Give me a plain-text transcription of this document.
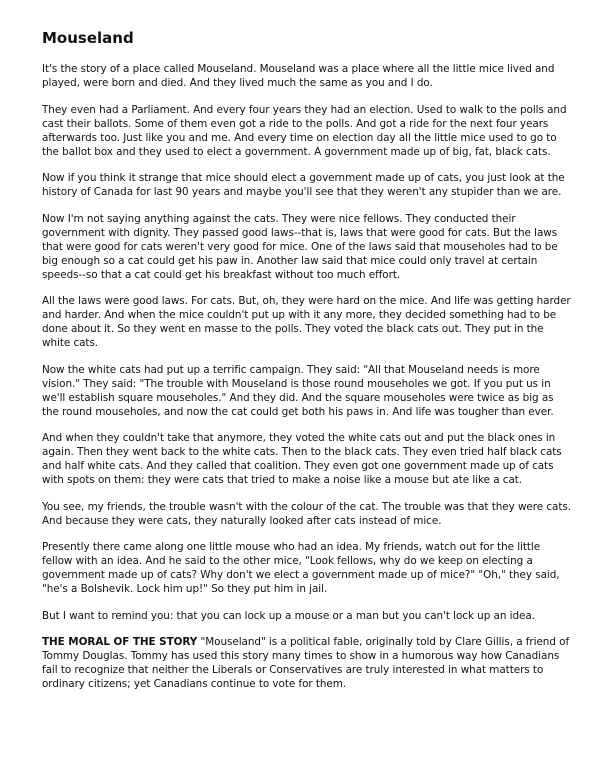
Mouseland

It's the story of a place called Mouseland. Mouseland was a place where all the little mice lived and played, were born and died. And they lived much the same as you and I do.

They even had a Parliament. And every four years they had an election. Used to walk to the polls and cast their ballots. Some of them even got a ride to the polls. And got a ride for the next four years afterwards too. Just like you and me. And every time on election day all the little mice used to go to the ballot box and they used to elect a government. A government made up of big, fat, black cats.

Now if you think it strange that mice should elect a government made up of cats, you just look at the history of Canada for last 90 years and maybe you'll see that they weren't any stupider than we are.

Now I'm not saying anything against the cats. They were nice fellows. They conducted their government with dignity. They passed good laws--that is, laws that were good for cats. But the laws that were good for cats weren't very good for mice. One of the laws said that mouseholes had to be big enough so a cat could get his paw in. Another law said that mice could only travel at certain speeds--so that a cat could get his breakfast without too much effort.

All the laws were good laws. For cats. But, oh, they were hard on the mice. And life was getting harder and harder. And when the mice couldn't put up with it any more, they decided something had to be done about it. So they went en masse to the polls. They voted the black cats out. They put in the white cats.

Now the white cats had put up a terrific campaign. They said: "All that Mouseland needs is more vision." They said: "The trouble with Mouseland is those round mouseholes we got. If you put us in we'll establish square mouseholes." And they did. And the square mouseholes were twice as big as the round mouseholes, and now the cat could get both his paws in. And life was tougher than ever.

And when they couldn't take that anymore, they voted the white cats out and put the black ones in again. Then they went back to the white cats. Then to the black cats. They even tried half black cats and half white cats. And they called that coalition. They even got one government made up of cats with spots on them: they were cats that tried to make a noise like a mouse but ate like a cat.

You see, my friends, the trouble wasn't with the colour of the cat. The trouble was that they were cats. And because they were cats, they naturally looked after cats instead of mice.

Presently there came along one little mouse who had an idea. My friends, watch out for the little fellow with an idea. And he said to the other mice, "Look fellows, why do we keep on electing a government made up of cats? Why don't we elect a government made up of mice?" "Oh," they said, "he's a Bolshevik. Lock him up!" So they put him in jail.

But I want to remind you: that you can lock up a mouse or a man but you can't lock up an idea.

THE MORAL OF THE STORY "Mouseland" is a political fable, originally told by Clare Gillis, a friend of Tommy Douglas. Tommy has used this story many times to show in a humorous way how Canadians fail to recognize that neither the Liberals or Conservatives are truly interested in what matters to ordinary citizens; yet Canadians continue to vote for them.
